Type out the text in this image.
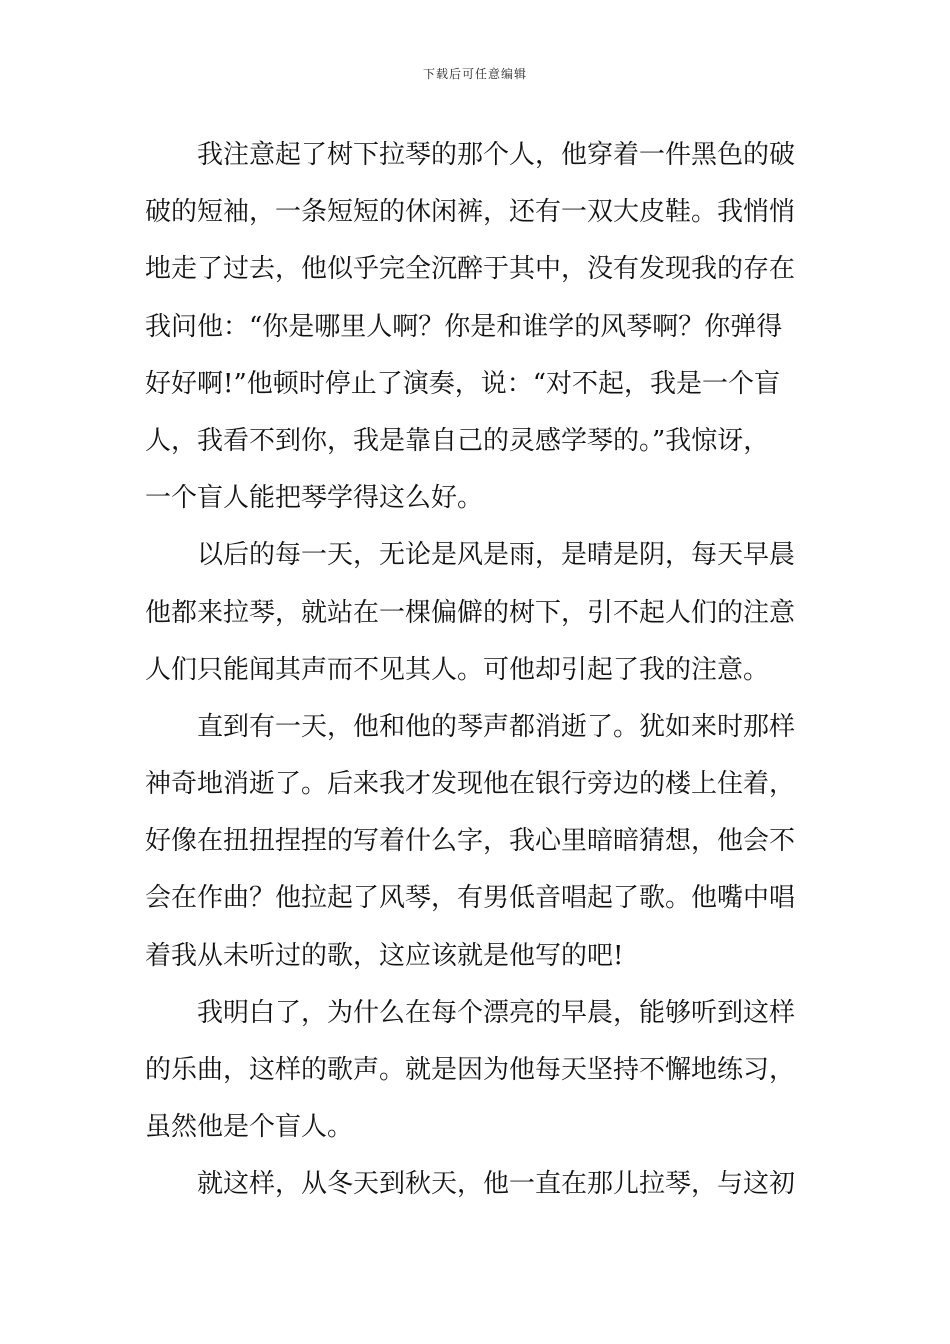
下载后可任意编辑
我注意起了树下拉琴的那个人，他穿着一件黑色的破
破的短袖，一条短短的休闲裤，还有一双大皮鞋。我悄悄
地走了过去，他似乎完全沉醉于其中，没有发现我的存在
我问他：“你是哪里人啊？你是和谁学的风琴啊？你弹得
好好啊!”他顿时停止了演奏，说：“对不起，我是一个盲
人，我看不到你，我是靠自己的灵感学琴的。”我惊讶，
一个盲人能把琴学得这么好。
以后的每一天，无论是风是雨，是晴是阴，每天早晨
他都来拉琴，就站在一棵偏僻的树下，引不起人们的注意
人们只能闻其声而不见其人。可他却引起了我的注意。
直到有一天，他和他的琴声都消逝了。犹如来时那样
神奇地消逝了。后来我才发现他在银行旁边的楼上住着，
好像在扭扭捏捏的写着什么字，我心里暗暗猜想，他会不
会在作曲？他拉起了风琴，有男低音唱起了歌。他嘴中唱
着我从未听过的歌，这应该就是他写的吧!
我明白了，为什么在每个漂亮的早晨，能够听到这样
的乐曲，这样的歌声。就是因为他每天坚持不懈地练习，
虽然他是个盲人。
就这样，从冬天到秋天，他一直在那儿拉琴，与这初
